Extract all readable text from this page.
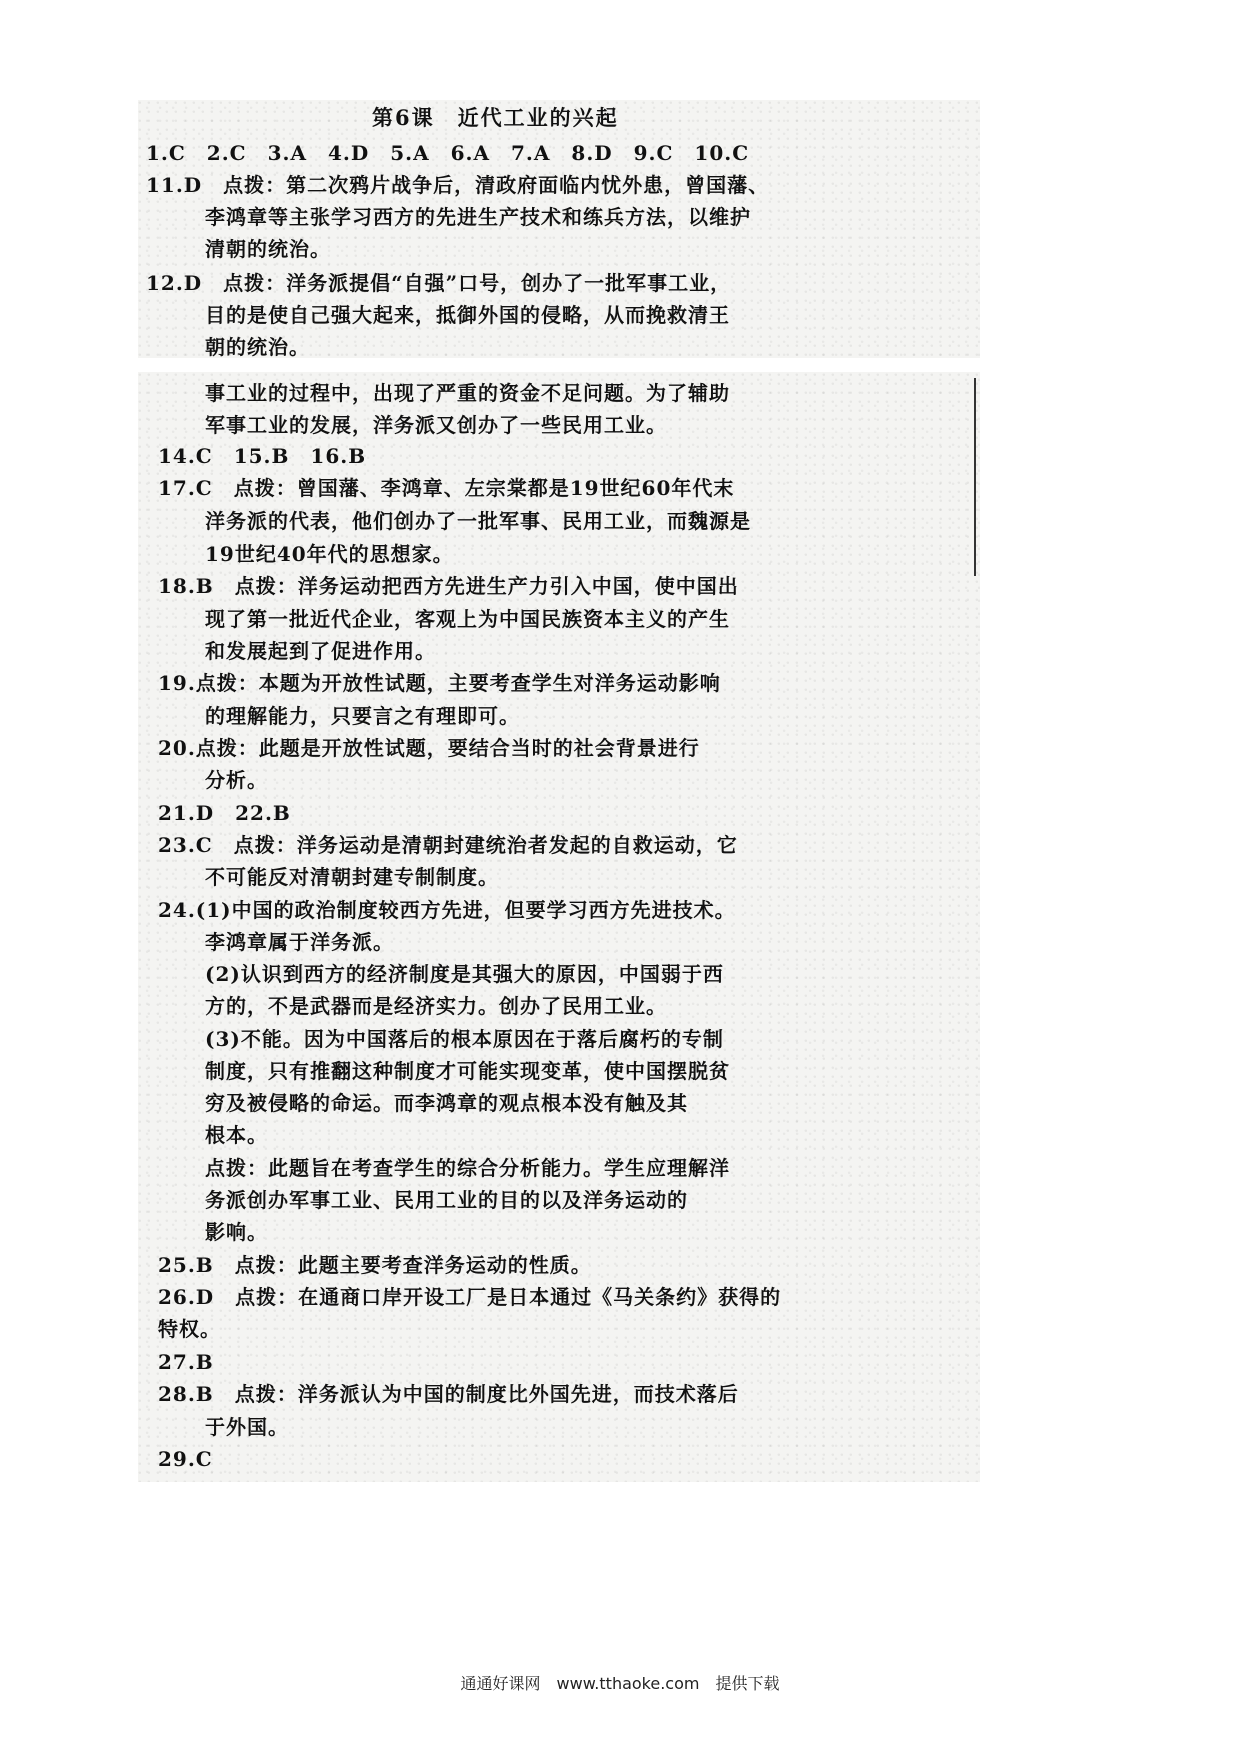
第6课　近代工业的兴起
1.C　2.C　3.A　4.D　5.A　6.A　7.A　8.D　9.C　10.C
11.D　点拨：第二次鸦片战争后，清政府面临内忧外患，曾国藩、
李鸿章等主张学习西方的先进生产技术和练兵方法，以维护
清朝的统治。
12.D　点拨：洋务派提倡“自强”口号，创办了一批军事工业，
目的是使自己强大起来，抵御外国的侵略，从而挽救清王
朝的统治。
事工业的过程中，出现了严重的资金不足问题。为了辅助
军事工业的发展，洋务派又创办了一些民用工业。
14.C　15.B　16.B
17.C　点拨：曾国藩、李鸿章、左宗棠都是19世纪60年代末
洋务派的代表，他们创办了一批军事、民用工业，而魏源是
19世纪40年代的思想家。
18.B　点拨：洋务运动把西方先进生产力引入中国，使中国出
现了第一批近代企业，客观上为中国民族资本主义的产生
和发展起到了促进作用。
19.点拨：本题为开放性试题，主要考查学生对洋务运动影响
的理解能力，只要言之有理即可。
20.点拨：此题是开放性试题，要结合当时的社会背景进行
分析。
21.D　22.B
23.C　点拨：洋务运动是清朝封建统治者发起的自救运动，它
不可能反对清朝封建专制制度。
24.(1)中国的政治制度较西方先进，但要学习西方先进技术。
李鸿章属于洋务派。
(2)认识到西方的经济制度是其强大的原因，中国弱于西
方的，不是武器而是经济实力。创办了民用工业。
(3)不能。因为中国落后的根本原因在于落后腐朽的专制
制度，只有推翻这种制度才可能实现变革，使中国摆脱贫
穷及被侵略的命运。而李鸿章的观点根本没有触及其
根本。
点拨：此题旨在考查学生的综合分析能力。学生应理解洋
务派创办军事工业、民用工业的目的以及洋务运动的
影响。
25.B　点拨：此题主要考查洋务运动的性质。
26.D　点拨：在通商口岸开设工厂是日本通过《马关条约》获得的
特权。
27.B
28.B　点拨：洋务派认为中国的制度比外国先进，而技术落后
于外国。
29.C
通通好课网　www.tthaoke.com　提供下载
